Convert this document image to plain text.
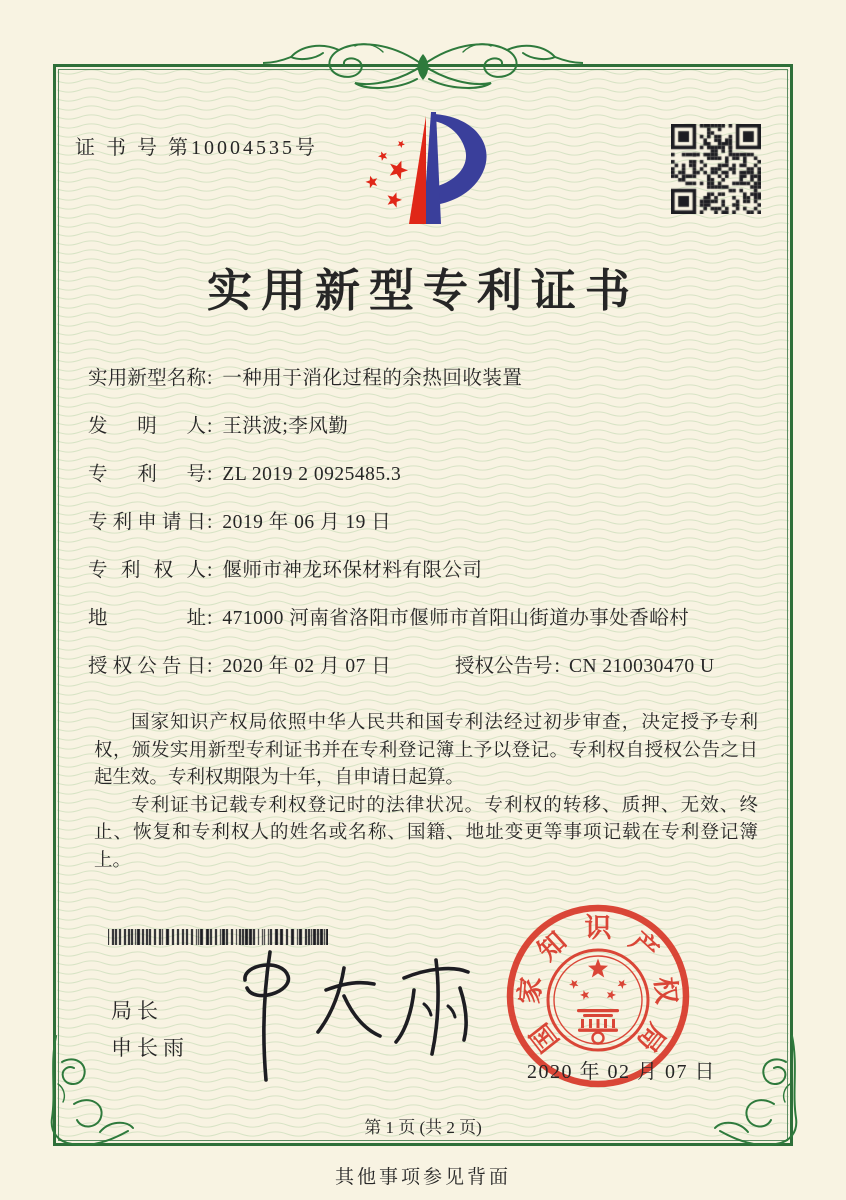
证 书 号 第10004535号
实用新型专利证书
实用新型名称 : 一种用于消化过程的余热回收装置
发明人 : 王洪波;李风勤
专利号 : ZL 2019 2 0925485.3
专利申请日 : 2019 年 06 月 19 日
专利权人 : 偃师市神龙环保材料有限公司
地址 : 471000 河南省洛阳市偃师市首阳山街道办事处香峪村
授权公告日 : 2020 年 02 月 07 日	授权公告号 : CN 210030470 U

国家知识产权局依照中华人民共和国专利法经过初步审查，决定授予专利权，颁发实用新型专利证书并在专利登记簿上予以登记。专利权自授权公告之日起生效。专利权期限为十年，自申请日起算。

专利证书记载专利权登记时的法律状况。专利权的转移、质押、无效、终止、恢复和专利权人的姓名或名称、国籍、地址变更等事项记载在专利登记簿上。

局长
申长雨	国
家
知 识 产
权
局
2020 年 02 月 07 日
第 1 页 (共 2 页)
其他事项参见背面
